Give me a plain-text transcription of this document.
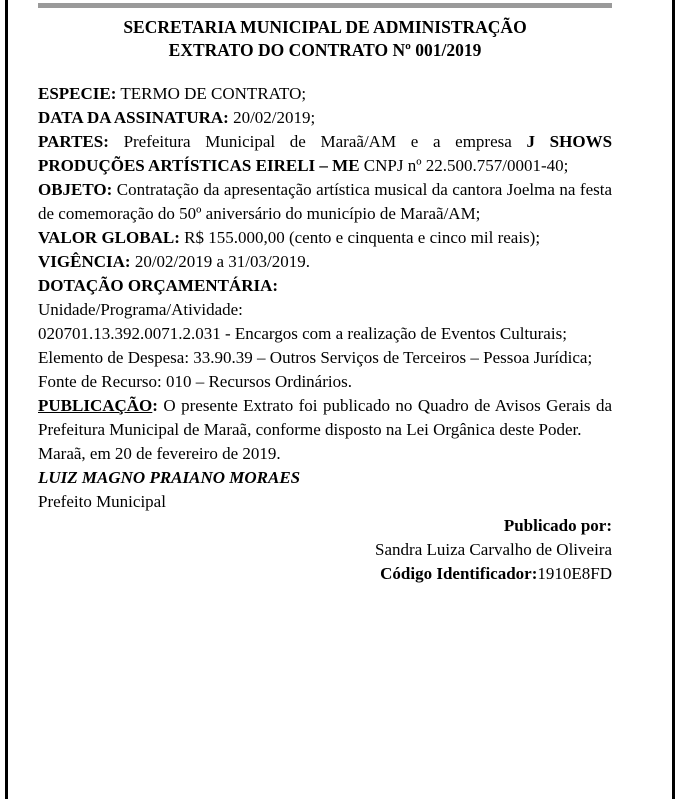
SECRETARIA MUNICIPAL DE ADMINISTRAÇÃO
EXTRATO DO CONTRATO Nº 001/2019

ESPECIE: TERMO DE CONTRATO;

DATA DA ASSINATURA: 20/02/2019;

PARTES: Prefeitura Municipal de Maraã/AM e a empresa J SHOWS PRODUÇÕES ARTÍSTICAS EIRELI – ME CNPJ nº 22.500.757/0001-40;

OBJETO: Contratação da apresentação artística musical da cantora Joelma na festa de comemoração do 50º aniversário do município de Maraã/AM;

VALOR GLOBAL: R$ 155.000,00 (cento e cinquenta e cinco mil reais);

VIGÊNCIA: 20/02/2019 a 31/03/2019.

DOTAÇÃO ORÇAMENTÁRIA:

Unidade/Programa/Atividade:

020701.13.392.0071.2.031 - Encargos com a realização de Eventos Culturais;

Elemento de Despesa: 33.90.39 – Outros Serviços de Terceiros – Pessoa Jurídica;

Fonte de Recurso: 010 – Recursos Ordinários.

PUBLICAÇÃO: O presente Extrato foi publicado no Quadro de Avisos Gerais da Prefeitura Municipal de Maraã, conforme disposto na Lei Orgânica deste Poder.

Maraã, em 20 de fevereiro de 2019.

LUIZ MAGNO PRAIANO MORAES

Prefeito Municipal

Publicado por:
Sandra Luiza Carvalho de Oliveira
Código Identificador:1910E8FD
